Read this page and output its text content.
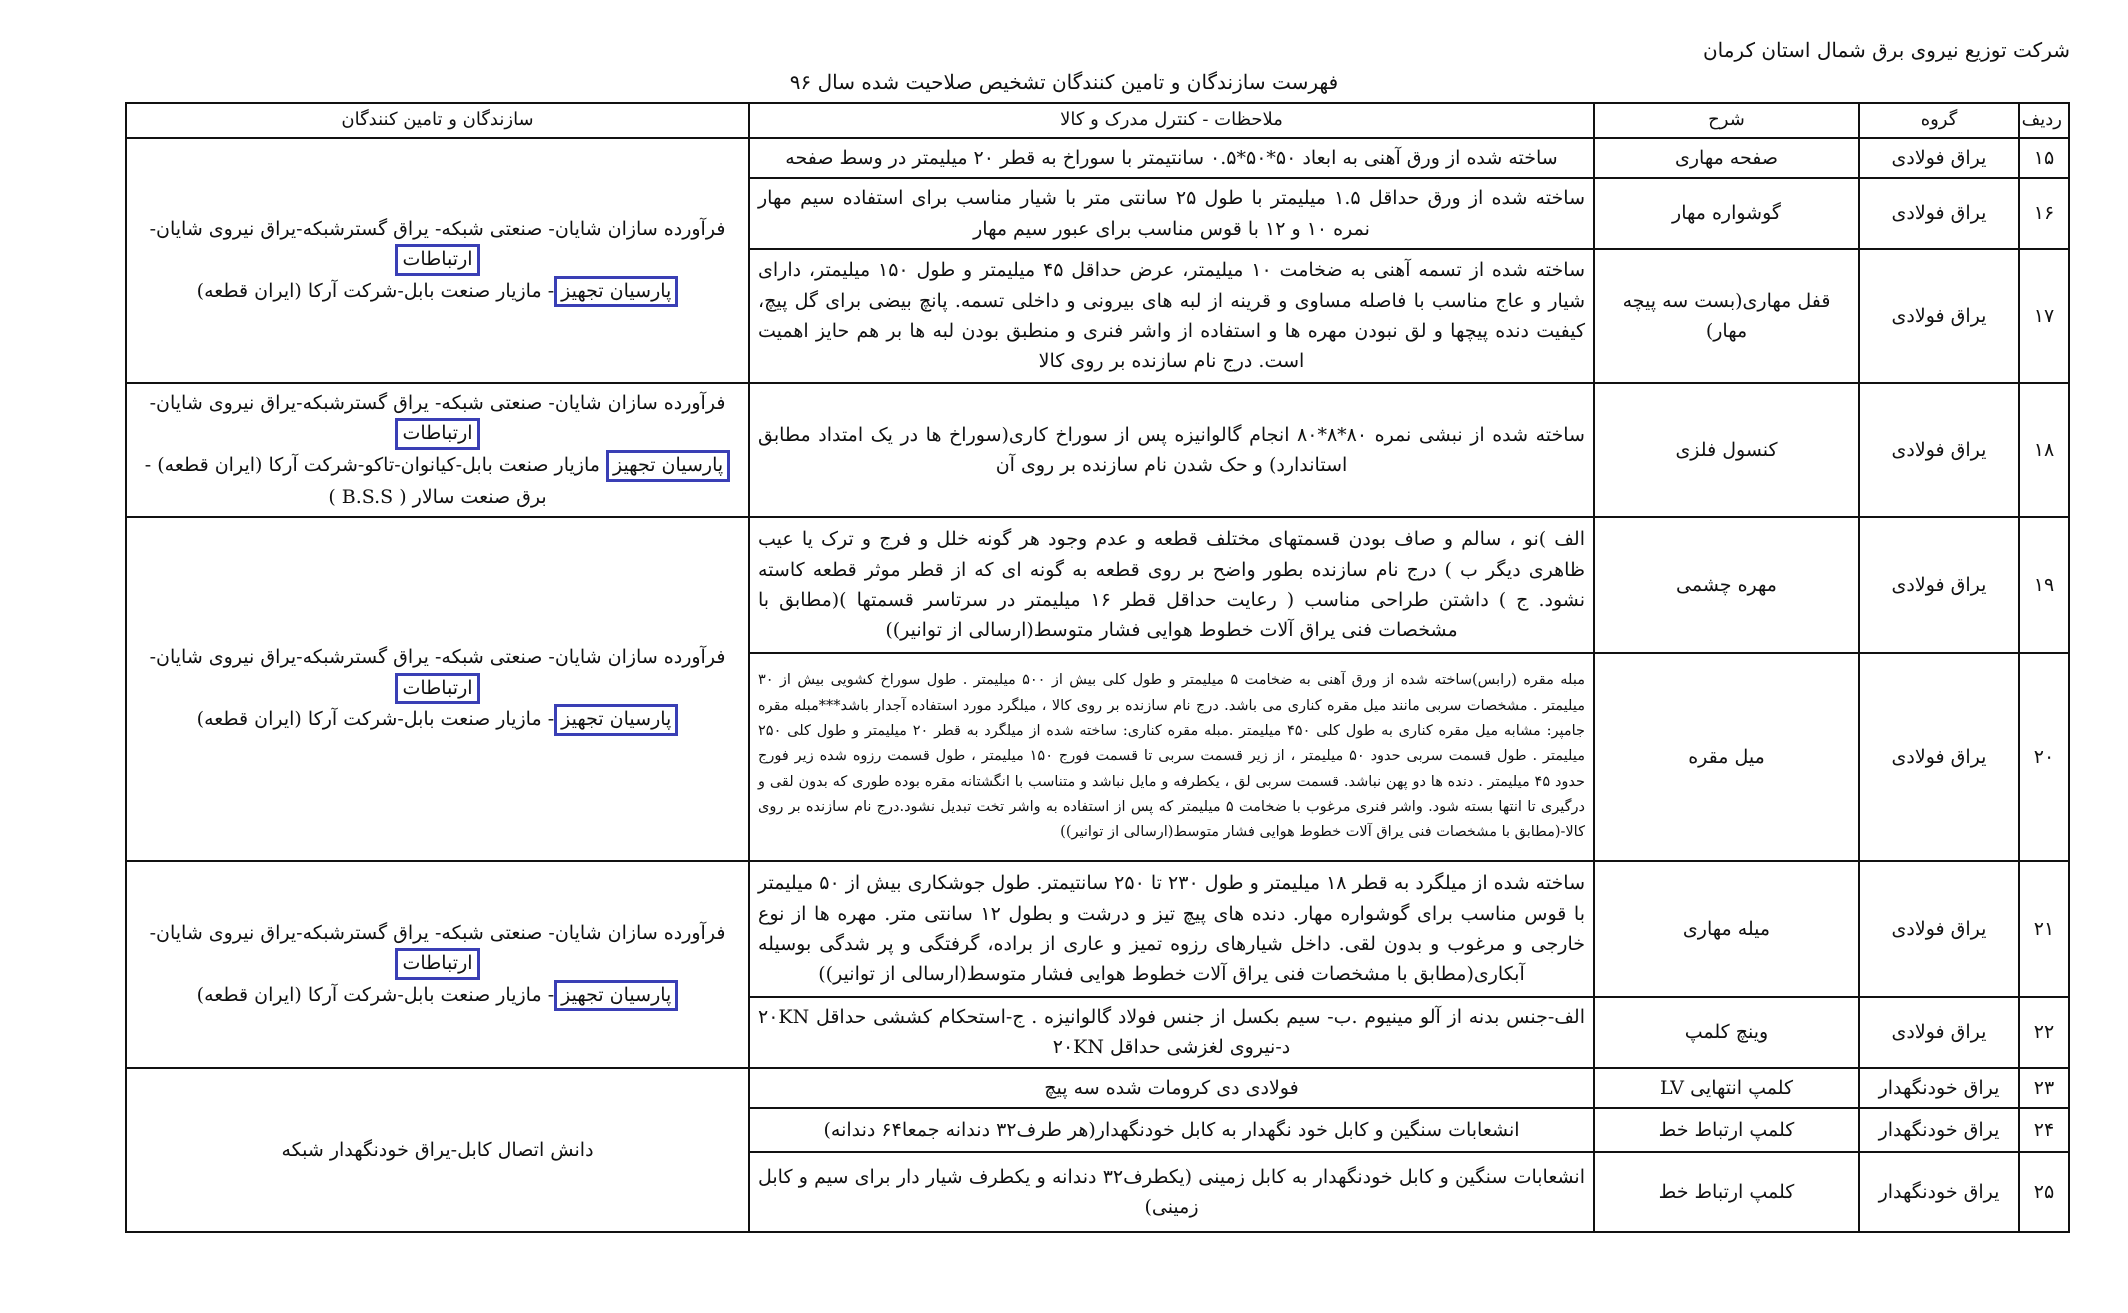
شرکت توزیع نیروی برق شمال استان کرمان
فهرست سازندگان و تامین کنندگان تشخیص صلاحیت شده سال ۹۶
ردیف	گروه	شرح	ملاحظات - کنترل مدرک و کالا	سازندگان و تامین کنندگان
۱۵	یراق فولادی	صفحه مهاری	ساخته شده از ورق آهنی به ابعاد ۵۰*۵۰*۰.۵ سانتیمتر با سوراخ به قطر ۲۰ میلیمتر در وسط صفحه	فرآورده سازان شایان- صنعتی شبکه- یراق گسترشبکه-یراق نیروی شایان-ارتباطات
پارسیان تجهیز- مازیار صنعت بابل-شرکت آرکا (ایران قطعه)
۱۶	یراق فولادی	گوشواره مهار	ساخته شده از ورق حداقل ۱.۵ میلیمتر با طول ۲۵ سانتی متر با شیار مناسب برای استفاده سیم مهار نمره ۱۰ و ۱۲ با قوس مناسب برای عبور سیم مهار	
۱۷	یراق فولادی	قفل مهاری(بست سه پیچه مهار)	ساخته شده از تسمه آهنی به ضخامت ۱۰ میلیمتر، عرض حداقل ۴۵ میلیمتر و طول ۱۵۰ میلیمتر، دارای شیار و عاج مناسب با فاصله مساوی و قرینه از لبه های بیرونی و داخلی تسمه. پانچ بیضی برای گل پیچ، کیفیت دنده پیچها و لق نبودن مهره ها و استفاده از واشر فنری و منطبق بودن لبه ها بر هم حایز اهمیت است. درج نام سازنده بر روی کالا	
۱۸	یراق فولادی	کنسول فلزی	ساخته شده از نبشی نمره ۸۰*۸*۸۰ انجام گالوانیزه پس از سوراخ کاری(سوراخ ها در یک امتداد مطابق استاندارد) و حک شدن نام سازنده بر روی آن	فرآورده سازان شایان- صنعتی شبکه- یراق گسترشبکه-یراق نیروی شایان-ارتباطات
پارسیان تجهیز مازیار صنعت بابل-کیانوان-تاکو-شرکت آرکا (ایران قطعه) - برق صنعت سالار ( B.S.S )
۱۹	یراق فولادی	مهره چشمی	الف )نو ، سالم و صاف بودن قسمتهای مختلف قطعه و عدم وجود هر گونه خلل و فرج و ترک یا عیب ظاهری دیگر ب ) درج نام سازنده بطور واضح بر روی قطعه به گونه ای که از قطر موثر قطعه کاسته نشود. ج ) داشتن طراحی مناسب ( رعایت حداقل قطر ۱۶ میلیمتر در سرتاسر قسمتها )(مطابق با مشخصات فنی یراق آلات خطوط هوایی فشار متوسط(ارسالی از توانیر))	فرآورده سازان شایان- صنعتی شبکه- یراق گسترشبکه-یراق نیروی شایان-ارتباطات
پارسیان تجهیز- مازیار صنعت بابل-شرکت آرکا (ایران قطعه)
۲۰	یراق فولادی	میل مقره	مبله مقره (رابس)ساخته شده از ورق آهنی به ضخامت ۵ میلیمتر و طول کلی بیش از ۵۰۰ میلیمتر . طول سوراخ کشویی بیش از ۳۰ میلیمتر . مشخصات سربی مانند میل مقره کناری می باشد. درج نام سازنده بر روی کالا ، میلگرد مورد استفاده آجدار باشد***مبله مقره جامپر: مشابه میل مقره کناری به طول کلی ۴۵۰ میلیمتر .مبله مقره کناری: ساخته شده از میلگرد به قطر ۲۰ میلیمتر و طول کلی ۲۵۰ میلیمتر . طول قسمت سربی حدود ۵۰ میلیمتر ، از زیر قسمت سربی تا قسمت فورج ۱۵۰ میلیمتر ، طول قسمت رزوه شده زیر فورج حدود ۴۵ میلیمتر . دنده ها دو پهن نباشد. قسمت سربی لق ، یکطرفه و مایل نباشد و متناسب با انگشتانه مقره بوده طوری که بدون لقی و درگیری تا انتها بسته شود. واشر فنری مرغوب با ضخامت ۵ میلیمتر که پس از استفاده به واشر تخت تبدیل نشود.درج نام سازنده بر روی کالا-(مطابق با مشخصات فنی یراق آلات خطوط هوایی فشار متوسط(ارسالی از توانیر))	
۲۱	یراق فولادی	میله مهاری	ساخته شده از میلگرد به قطر ۱۸ میلیمتر و طول ۲۳۰ تا ۲۵۰ سانتیمتر. طول جوشکاری بیش از ۵۰ میلیمتر با قوس مناسب برای گوشواره مهار. دنده های پیچ تیز و درشت و بطول ۱۲ سانتی متر. مهره ها از نوع خارجی و مرغوب و بدون لقی. داخل شیارهای رزوه تمیز و عاری از براده، گرفتگی و پر شدگی بوسیله آبکاری(مطابق با مشخصات فنی یراق آلات خطوط هوایی فشار متوسط(ارسالی از توانیر))	فرآورده سازان شایان- صنعتی شبکه- یراق گسترشبکه-یراق نیروی شایان-ارتباطات
پارسیان تجهیز- مازیار صنعت بابل-شرکت آرکا (ایران قطعه)
۲۲	یراق فولادی	وینچ کلمپ	الف-جنس بدنه از آلو مینیوم .ب- سیم بکسل از جنس فولاد گالوانیزه . ج-استحکام کششی حداقل ۲۰KN د-نیروی لغزشی حداقل ۲۰KN	
۲۳	یراق خودنگهدار	کلمپ انتهایی LV	فولادی دی کرومات شده سه پیچ	دانش اتصال کابل-یراق خودنگهدار شبکه
۲۴	یراق خودنگهدار	کلمپ ارتباط خط	انشعابات سنگین و کابل خود نگهدار به کابل خودنگهدار(هر طرف۳۲ دندانه جمعا۶۴ دندانه)	
۲۵	یراق خودنگهدار	کلمپ ارتباط خط	انشعابات سنگین و کابل خودنگهدار به کابل زمینی (یکطرف۳۲ دندانه و یکطرف شیار دار برای سیم و کابل زمینی)	
